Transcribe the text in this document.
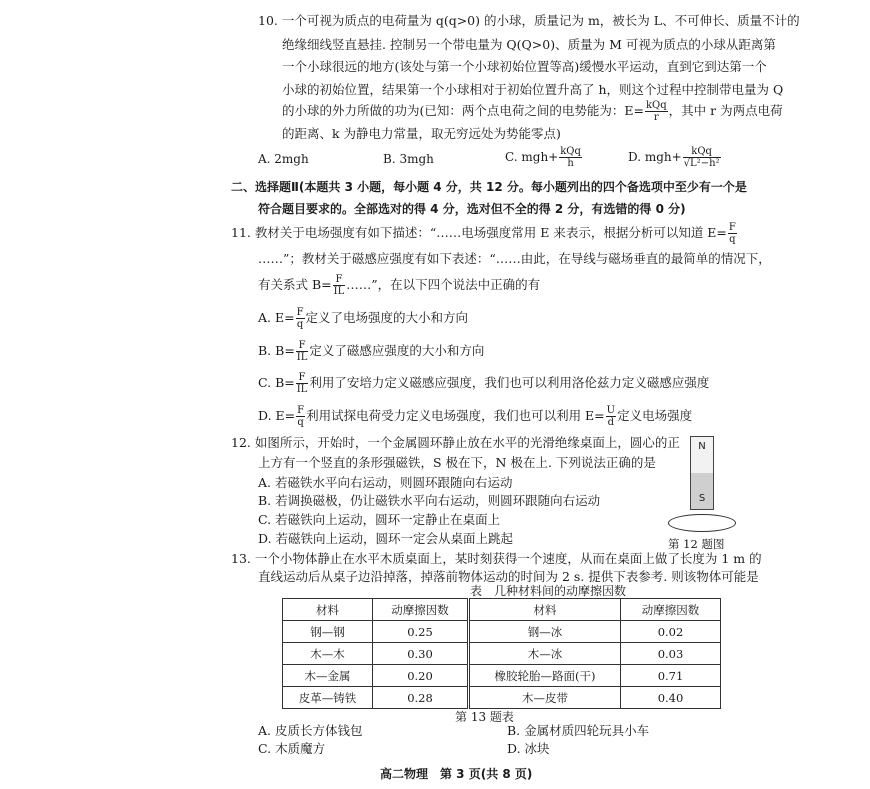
10. 一个可视为质点的电荷量为 q(q>0) 的小球，质量记为 m，被长为 L、不可伸长、质量不计的
绝缘细线竖直悬挂. 控制另一个带电量为 Q(Q>0)、质量为 M 可视为质点的小球从距离第
一个小球很远的地方(该处与第一个小球初始位置等高)缓慢水平运动，直到它到达第一个
小球的初始位置，结果第一个小球相对于初始位置升高了 h，则这个过程中控制带电量为 Q
的小球的外力所做的功为(已知：两个点电荷之间的电势能为：$E= \frac{\text{kQq}}{r}$ ，其中 r 为两点电荷
的距离、k 为静电力常量，取无穷远处为势能零点)
A. 2mgh	B. 3mgh	C. $mgh+ \frac{\text{kQq}}{h}$	D. $mgh+ \frac{\text{kQq}}{\text{√L²−h²}}$
二、选择题Ⅱ(本题共 3 小题，每小题 4 分，共 12 分。每小题列出的四个备选项中至少有一个是
符合题目要求的。全部选对的得 4 分，选对但不全的得 2 分，有选错的得 0 分)
11. 教材关于电场强度有如下描述：“……电场强度常用 E 来表示，根据分析可以知道 $E= \frac{F}{q}$
……”；教材关于磁感应强度有如下表述：“……由此，在导线与磁场垂直的最简单的情况下，
有关系式 $B= \frac{F}{IL}$ ……”，在以下四个说法中正确的有
A. $E= \frac{F}{q}$ 定义了电场强度的大小和方向
B. $B= \frac{F}{IL}$ 定义了磁感应强度的大小和方向
C. $B= \frac{F}{IL}$ 利用了安培力定义磁感应强度，我们也可以利用洛伦兹力定义磁感应强度
D. $E= \frac{F}{q}$ 利用试探电荷受力定义电场强度，我们也可以利用 $E= \frac{U}{d}$ 定义电场强度
12. 如图所示，开始时，一个金属圆环静止放在水平的光滑绝缘桌面上，圆心的正
上方有一个竖直的条形强磁铁，S 极在下，N 极在上. 下列说法正确的是
A. 若磁铁水平向右运动，则圆环跟随向右运动
B. 若调换磁极，仍让磁铁水平向右运动，则圆环跟随向右运动
C. 若磁铁向上运动，圆环一定静止在桌面上
D. 若磁铁向上运动，圆环一定会从桌面上跳起
N
S
第 12 题图
13. 一个小物体静止在水平木质桌面上，某时刻获得一个速度，从而在桌面上做了长度为 1 m 的
直线运动后从桌子边沿掉落，掉落前物体运动的时间为 2 s. 提供下表参考. 则该物体可能是
表　几种材料间的动摩擦因数
材料	动摩擦因数	材料	动摩擦因数
钢—钢	0.25	钢—冰	0.02
木—木	0.30	木—冰	0.03
木—金属	0.20	橡胶轮胎—路面(干)	0.71
皮革—铸铁	0.28	木—皮带	0.40
第 13 题表
A. 皮质长方体钱包	B. 金属材质四轮玩具小车
C. 木质魔方	D. 冰块
高二物理　第 3 页(共 8 页)
